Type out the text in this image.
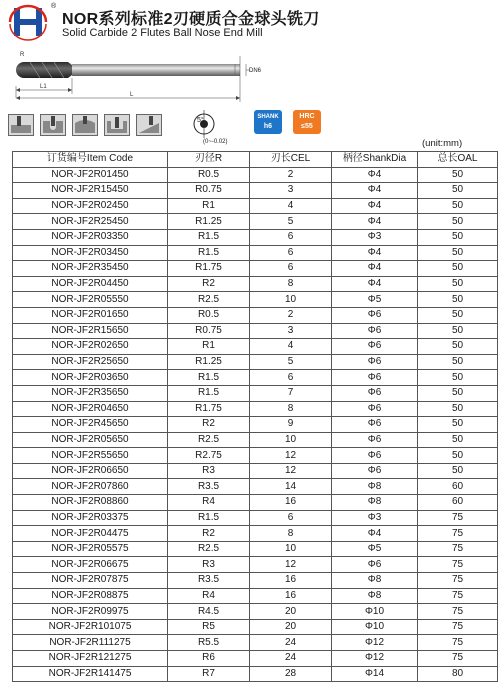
®
NOR系列标准2刃硬质合金球头铣刀
Solid Carbide 2 Flutes Ball Nose End Mill
R
L1
L
DN6
5°
(0~-0.02)
SHANK
h6
HRC
≤55
(unit:mm)
订货编号Item Code	刃径R	刃长CEL	柄径ShankDia	总长OAL
NOR-JF2R01450	R0.5	2	Φ4	50
NOR-JF2R15450	R0.75	3	Φ4	50
NOR-JF2R02450	R1	4	Φ4	50
NOR-JF2R25450	R1.25	5	Φ4	50
NOR-JF2R03350	R1.5	6	Φ3	50
NOR-JF2R03450	R1.5	6	Φ4	50
NOR-JF2R35450	R1.75	6	Φ4	50
NOR-JF2R04450	R2	8	Φ4	50
NOR-JF2R05550	R2.5	10	Φ5	50
NOR-JF2R01650	R0.5	2	Φ6	50
NOR-JF2R15650	R0.75	3	Φ6	50
NOR-JF2R02650	R1	4	Φ6	50
NOR-JF2R25650	R1.25	5	Φ6	50
NOR-JF2R03650	R1.5	6	Φ6	50
NOR-JF2R35650	R1.5	7	Φ6	50
NOR-JF2R04650	R1.75	8	Φ6	50
NOR-JF2R45650	R2	9	Φ6	50
NOR-JF2R05650	R2.5	10	Φ6	50
NOR-JF2R55650	R2.75	12	Φ6	50
NOR-JF2R06650	R3	12	Φ6	50
NOR-JF2R07860	R3.5	14	Φ8	60
NOR-JF2R08860	R4	16	Φ8	60
NOR-JF2R03375	R1.5	6	Φ3	75
NOR-JF2R04475	R2	8	Φ4	75
NOR-JF2R05575	R2.5	10	Φ5	75
NOR-JF2R06675	R3	12	Φ6	75
NOR-JF2R07875	R3.5	16	Φ8	75
NOR-JF2R08875	R4	16	Φ8	75
NOR-JF2R09975	R4.5	20	Φ10	75
NOR-JF2R101075	R5	20	Φ10	75
NOR-JF2R111275	R5.5	24	Φ12	75
NOR-JF2R121275	R6	24	Φ12	75
NOR-JF2R141475	R7	28	Φ14	80
